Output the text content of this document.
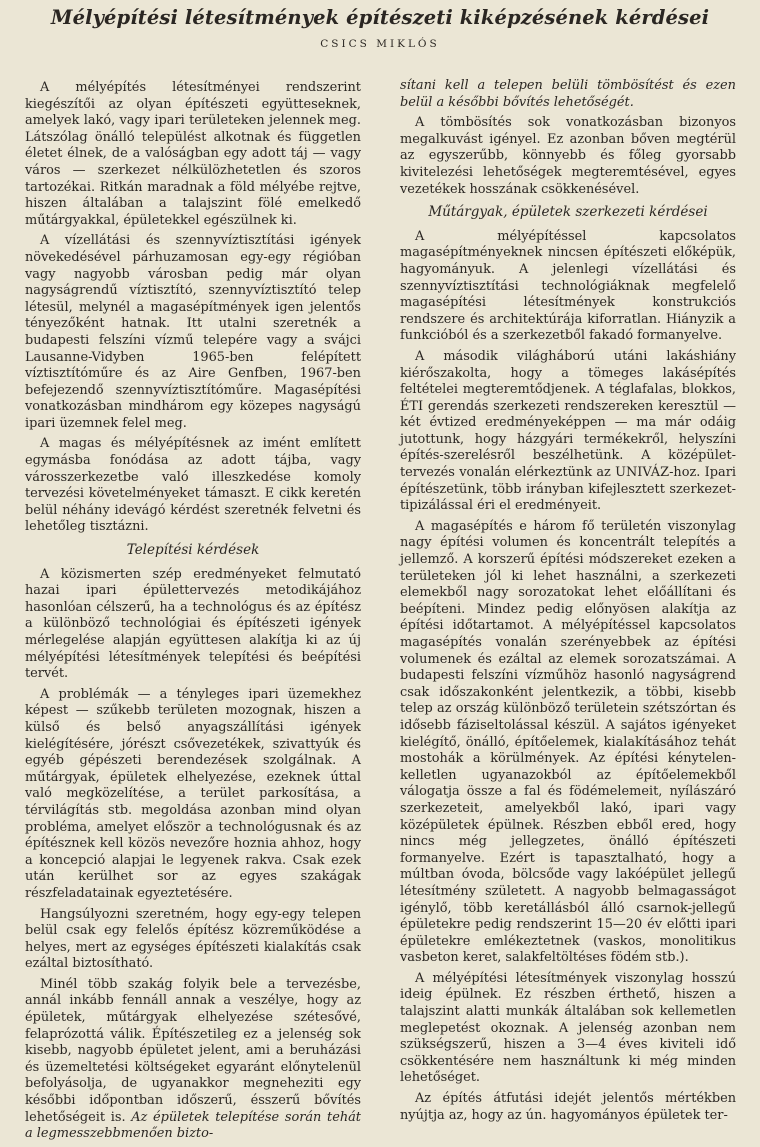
Mélyépítési létesítmények építészeti kiképzésének kérdései
CSICS MIKLÓS

A mélyépítés létesítményei rendszerint kiegészítői az olyan építészeti együtteseknek, amelyek lakó, vagy ipari területeken jelennek meg. Látszólag önálló települést alkotnak és független életet élnek, de a valóságban egy adott táj — vagy város — szerkezet nélkülözhetetlen és szoros tartozékai. Ritkán maradnak a föld mélyébe rejtve, hiszen általában a talajszint fölé emelkedő műtárgyakkal, épületekkel egészülnek ki.

A vízellátási és szennyvíztisztítási igények növekedésével párhuzamosan egy-egy régióban vagy nagyobb városban pedig már olyan nagyságrendű víztisztító, szennyvíztisztító telep létesül, melynél a magasépítmények igen jelentős tényezőként hatnak. Itt utalni szeretnék a budapesti felszíni vízmű telepére vagy a svájci Lausanne-Vidyben 1965-ben felépített víztisztítóműre és az Aire Genfben, 1967-ben befejezendő szennyvíztisztítóműre. Magasépítési vonatkozásban mindhárom egy közepes nagyságú ipari üzemnek felel meg.

A magas és mélyépítésnek az imént említett egymásba fonódása az adott tájba, vagy városszerkezetbe való illeszkedése komoly tervezési követelményeket támaszt. E cikk keretén belül néhány idevágó kérdést szeretnék felvetni és lehetőleg tisztázni.

Telepítési kérdések

A közismerten szép eredményeket felmutató hazai ipari épülettervezés metodikájához hasonlóan célszerű, ha a technológus és az építész a különböző technológiai és építészeti igények mérlegelése alapján együttesen alakítja ki az új mélyépítési létesítmények telepítési és beépítési tervét.

A problémák — a tényleges ipari üzemekhez képest — szűkebb területen mozognak, hiszen a külső és belső anyagszállítási igények kielégítésére, jórészt csővezetékek, szivattyúk és egyéb gépészeti berendezések szolgálnak. A műtárgyak, épületek elhelyezése, ezeknek úttal való megközelítése, a terület parkosítása, a térvilágítás stb. megoldása azonban mind olyan probléma, amelyet először a technológusnak és az építésznek kell közös nevezőre hoznia ahhoz, hogy a koncepció alapjai le legyenek rakva. Csak ezek után kerülhet sor az egyes szakágak részfeladatainak egyeztetésére.

Hangsúlyozni szeretném, hogy egy-egy telepen belül csak egy felelős építész közreműködése a helyes, mert az egységes építészeti kialakítás csak ezáltal biztosítható.

Minél több szakág folyik bele a tervezésbe, annál inkább fennáll annak a veszélye, hogy az épületek, műtárgyak elhelyezése szétesővé, felaprózottá válik. Építészetileg ez a jelenség sok kisebb, nagyobb épületet jelent, ami a beruházási és üzemeltetési költségeket egyaránt előnytelenül befolyásolja, de ugyanakkor megneheziti egy későbbi időpontban időszerű, ésszerű bővítés lehetőségeit is. Az épületek telepítése során tehát a legmesszebbmenően bizto-

sítani kell a telepen belüli tömbösítést és ezen belül a későbbi bővítés lehetőségét.

A tömbösítés sok vonatkozásban bizonyos megalkuvást igényel. Ez azonban bőven megtérül az egyszerűbb, könnyebb és főleg gyorsabb kivitelezési lehetőségek megteremtésével, egyes vezetékek hosszának csökkenésével.

Műtárgyak, épületek szerkezeti kérdései

A mélyépítéssel kapcsolatos magasépítményeknek nincsen építészeti előképük, hagyományuk. A jelenlegi vízellátási és szennyvíztisztítási technológiáknak megfelelő magasépítési létesítmények konstrukciós rendszere és architektúrája kiforratlan. Hiányzik a funkcióból és a szerkezetből fakadó formanyelve.

A második világháború utáni lakáshiány kiérőszakolta, hogy a tömeges lakásépítés feltételei megteremtődjenek. A téglafalas, blokkos, ÉTI gerendás szerkezeti rendszereken keresztül — két évtized eredményeképpen — ma már odáig jutottunk, hogy házgyári termékekről, helyszíni építés-szerelésről beszélhetünk. A középület-tervezés vonalán elérkeztünk az UNIVÁZ-hoz. Ipari építészetünk, több irányban kifejlesztett szerkezet-tipizálással éri el eredményeit.

A magasépítés e három fő területén viszonylag nagy építési volumen és koncentrált telepítés a jellemző. A korszerű építési módszereket ezeken a területeken jól ki lehet használni, a szerkezeti elemekből nagy sorozatokat lehet előállítani és beépíteni. Mindez pedig előnyösen alakítja az építési időtartamot. A mélyépítéssel kapcsolatos magasépítés vonalán szerényebbek az építési volumenek és ezáltal az elemek sorozatszámai. A budapesti felszíni vízműhöz hasonló nagyságrend csak időszakonként jelentkezik, a többi, kisebb telep az ország különböző területein szétszórtan és idősebb fáziseltolással készül. A sajátos igényeket kielégítő, önálló, építőelemek, kialakításához tehát mostohák a körülmények. Az építési kénytelen-kelletlen ugyanazokból az építőelemekből válogatja össze a fal és födémelemeit, nyílászáró szerkezeteit, amelyekből lakó, ipari vagy középületek épülnek. Részben ebből ered, hogy nincs még jellegzetes, önálló építészeti formanyelve. Ezért is tapasztalható, hogy a múltban óvoda, bölcsőde vagy lakóépület jellegű létesítmény született. A nagyobb belmagasságot igénylő, több keretállásból álló csarnok-jellegű épületekre pedig rendszerint 15—20 év előtti ipari épületekre emlékeztetnek (vaskos, monolitikus vasbeton keret, salakfeltöltéses födém stb.).

A mélyépítési létesítmények viszonylag hosszú ideig épülnek. Ez részben érthető, hiszen a talajszint alatti munkák általában sok kellemetlen meglepetést okoznak. A jelenség azonban nem szükségszerű, hiszen a 3—4 éves kiviteli idő csökkentésére nem használtunk ki még minden lehetőséget.

Az építés átfutási idejét jelentős mértékben nyújtja az, hogy az ún. hagyományos épületek ter-
